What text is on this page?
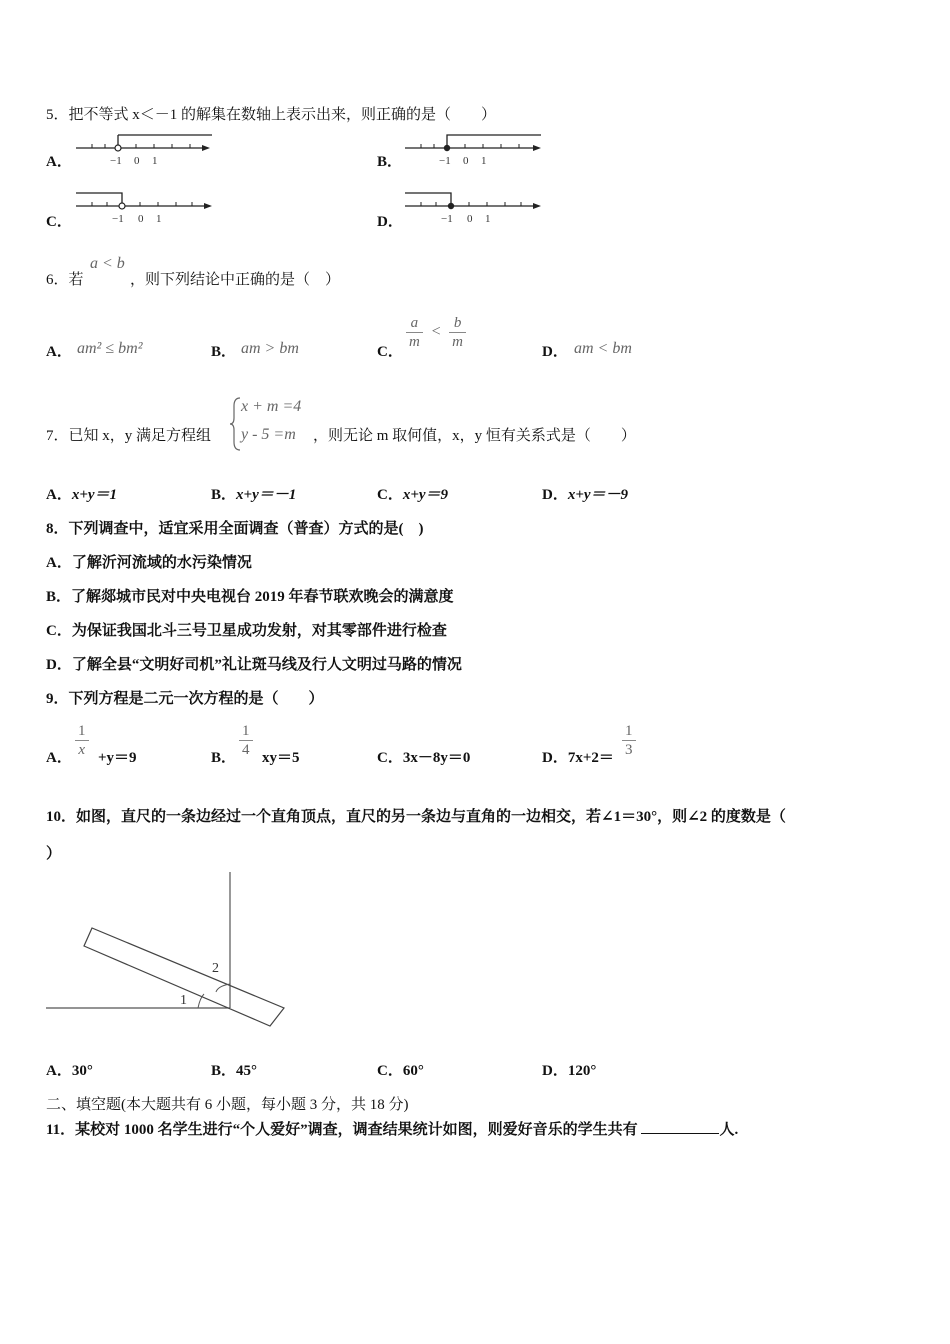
5．把不等式 x＜－1 的解集在数轴上表示出来，则正确的是（　　）
A．	−1 0 1	B．	−1 0 1
C．	−1 0 1	D．	−1 0 1
6．若
a < b
，则下列结论中正确的是（　）
A． am² ≤ bm²	B． am > bm	C．
$\frac{a}{m} < \frac{b}{m}$
D． am < bm
7．已知 x，y 满足方程组
x + m =4
y - 5 =m ，则无论 m 取何值，x，y 恒有关系式是（　　）
A．x+y＝1	B．x+y＝－1	C．x+y＝9	D．x+y＝－9
8．下列调查中，适宜采用全面调查（普查）方式的是(　)
A．了解沂河流域的水污染情况
B．了解郯城市民对中央电视台 2019 年春节联欢晚会的满意度
C．为保证我国北斗三号卫星成功发射，对其零部件进行检查
D．了解全县“文明好司机”礼让斑马线及行人文明过马路的情况
9．下列方程是二元一次方程的是（　　）
A． $\frac{1}{x} +y=9$	B． $\frac{1}{4} xy=5$	C．3x－8y＝0	D．$7x+2= \frac{1}{3}$
10．如图，直尺的一条边经过一个直角顶点，直尺的另一条边与直角的一边相交，若∠1＝30°，则∠2 的度数是（
）
1
2
A．30°	B．45°	C．60°	D．120°
二、填空题(本大题共有 6 小题，每小题 3 分，共 18 分)
11．某校对 1000 名学生进行“个人爱好”调查，调查结果统计如图，则爱好音乐的学生共有	人.
